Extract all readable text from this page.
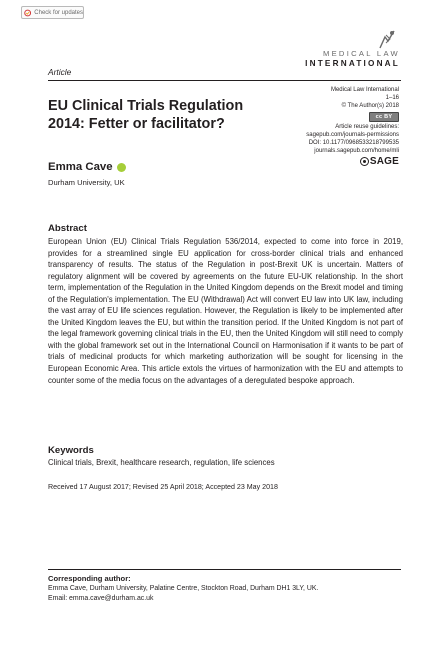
Check for updates
MEDICAL LAW
INTERNATIONAL
Article
Medical Law International
1–16
© The Author(s) 2018
cc BY
Article reuse guidelines:
sagepub.com/journals-permissions
DOI: 10.1177/0968533218799535
journals.sagepub.com/home/mli
SAGE
EU Clinical Trials Regulation 2014: Fetter or facilitator?
Emma Cave
Durham University, UK
Abstract

European Union (EU) Clinical Trials Regulation 536/2014, expected to come into force in 2019, provides for a streamlined single EU application for cross-border clinical trials and enhanced transparency of results. The status of the Regulation in post-Brexit UK is uncertain. Matters of regulatory alignment will be covered by agreements on the future EU-UK relationship. In the short term, implementation of the Regulation in the United Kingdom depends on the Brexit model and timing of the Regulation's implementation. The EU (Withdrawal) Act will convert EU law into UK law, including the vast array of EU life sciences regulation. However, the Regulation is likely to be implemented after the United Kingdom leaves the EU, but within the transition period. If the United Kingdom is not part of the legal framework governing clinical trials in the EU, then the United Kingdom will still need to comply with the global framework set out in the International Council on Harmonisation if it wants to be part of trials of medicinal products for which marketing authorization will be sought for licensing in the European Economic Area. This article extols the virtues of harmonization with the EU and attempts to counter some of the media focus on the advantages of a deregulated bespoke approach.

Keywords
Clinical trials, Brexit, healthcare research, regulation, life sciences
Received 17 August 2017; Revised 25 April 2018; Accepted 23 May 2018
Corresponding author:
Emma Cave, Durham University, Palatine Centre, Stockton Road, Durham DH1 3LY, UK.
Email: emma.cave@durham.ac.uk
